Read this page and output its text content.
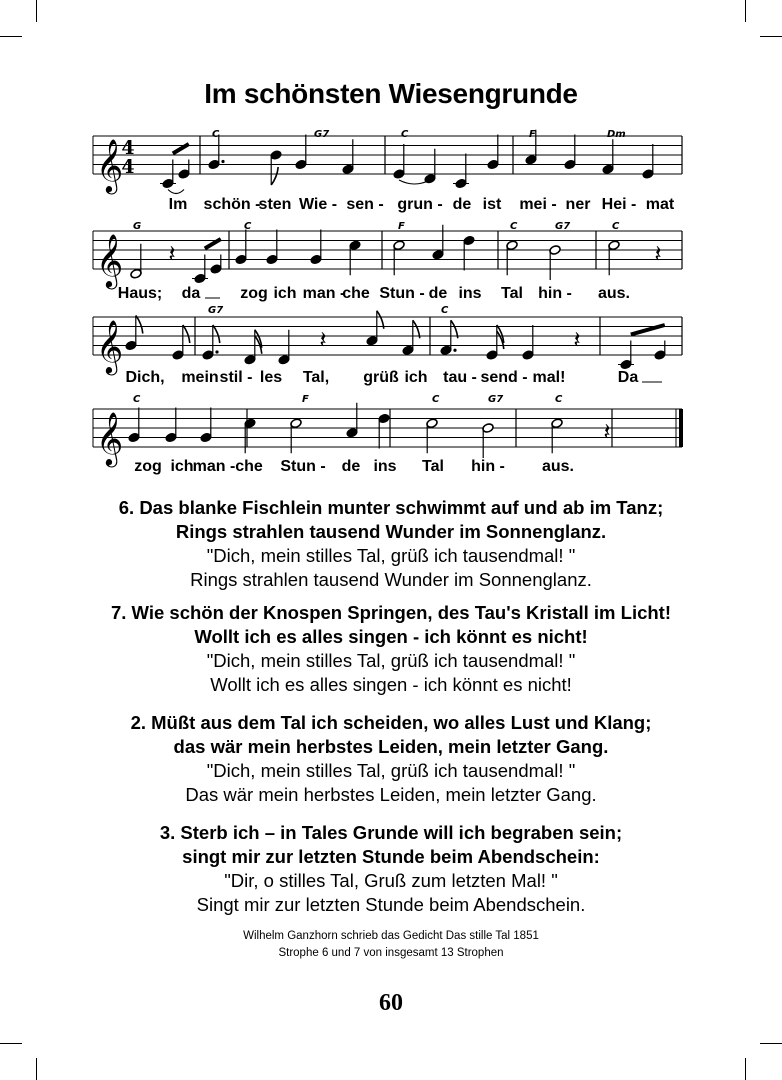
Im schönsten Wiesengrunde
𝄞
4
4
𝄞
𝄞
𝄞
𝄽	𝄽
𝄽	𝄽
𝄽
C	G7	C	F	Dm
G	C	F	C	G7	C
G7	C
C	F	C	G7	C
Im schön -
sten Wie - sen - grun - de ist mei - ner Hei - mat
Haus; da zog ich man -
che Stun - de ins Tal hin - aus.
Dich, mein stil - les Tal, grüß ich tau - send - mal!	Da
zog ich man - che Stun - de ins Tal hin - aus.
6. Das blanke Fischlein munter schwimmt auf und ab im Tanz;
Rings strahlen tausend Wunder im Sonnenglanz.
"Dich, mein stilles Tal, grüß ich tausendmal! "
Rings strahlen tausend Wunder im Sonnenglanz.
7. Wie schön der Knospen Springen, des Tau's Kristall im Licht!
Wollt ich es alles singen - ich könnt es nicht!
"Dich, mein stilles Tal, grüß ich tausendmal! "
Wollt ich es alles singen - ich könnt es nicht!
2. Müßt aus dem Tal ich scheiden, wo alles Lust und Klang;
das wär mein herbstes Leiden, mein letzter Gang.
"Dich, mein stilles Tal, grüß ich tausendmal! "
Das wär mein herbstes Leiden, mein letzter Gang.
3. Sterb ich – in Tales Grunde will ich begraben sein;
singt mir zur letzten Stunde beim Abendschein:
"Dir, o stilles Tal, Gruß zum letzten Mal! "
Singt mir zur letzten Stunde beim Abendschein.
Wilhelm Ganzhorn schrieb das Gedicht Das stille Tal 1851
Strophe 6 und 7 von insgesamt 13 Strophen
60
